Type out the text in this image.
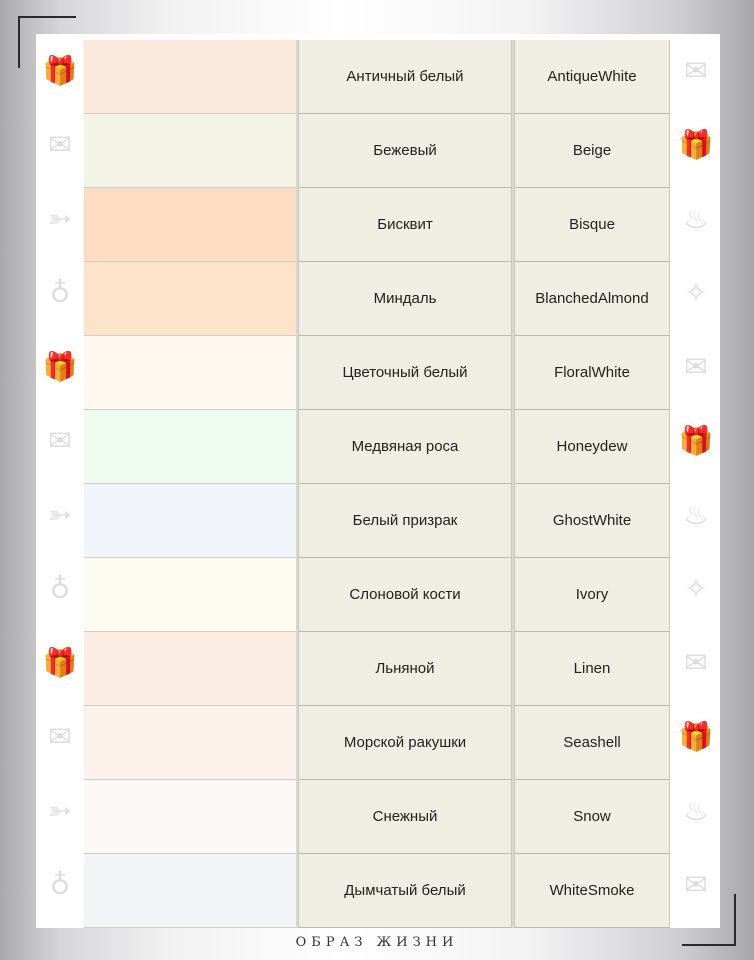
🎁
✉
➳
♁
🎁
✉
➳
♁
🎁
✉
➳
♁
✉
🎁
♨
✧
✉
🎁
♨
✧
✉
🎁
♨
✉
Античный белый	AntiqueWhite
Бежевый	Beige
Бисквит	Bisque
Миндаль	BlanchedAlmond
Цветочный белый	FloralWhite
Медвяная роса	Honeydew
Белый призрак	GhostWhite
Слоновой кости	Ivory
Льняной	Linen
Морской ракушки	Seashell
Снежный	Snow
Дымчатый белый	WhiteSmoke
ОБРАЗ ЖИЗНИ
